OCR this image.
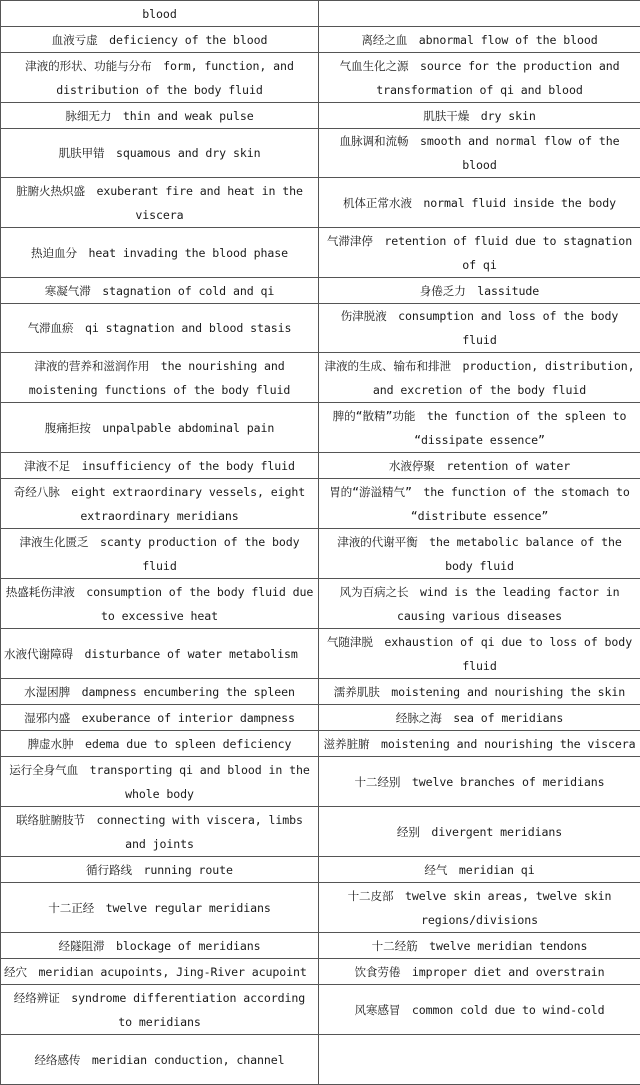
blood	
血液亏虚　deficiency of the blood	离经之血　abnormal flow of the blood
津液的形状、功能与分布　form, function, and distribution of the body fluid	气血生化之源　source for the production and transformation of qi and blood
脉细无力　thin and weak pulse	肌肤干燥　dry skin
肌肤甲错　squamous and dry skin	血脉调和流畅　smooth and normal flow of the blood
脏腑火热炽盛　exuberant fire and heat in the viscera	机体正常水液　normal fluid inside the body
热迫血分　heat invading the blood phase	气滞津停　retention of fluid due to stagnation of qi
寒凝气滞　stagnation of cold and qi	身倦乏力　lassitude
气滞血瘀　qi stagnation and blood stasis	伤津脱液　consumption and loss of the body fluid
津液的营养和滋润作用　the nourishing and moistening functions of the body fluid	津液的生成、输布和排泄　production, distribution, and excretion of the body fluid
腹痛拒按　unpalpable abdominal pain	脾的“散精”功能　the function of the spleen to “dissipate essence”
津液不足　insufficiency of the body fluid	水液停聚　retention of water
奇经八脉　eight extraordinary vessels, eight extraordinary meridians	胃的“游溢精气”　the function of the stomach to “distribute essence”
津液生化匮乏　scanty production of the body fluid	津液的代谢平衡　the metabolic balance of the body fluid
热盛耗伤津液　consumption of the body fluid due to excessive heat	风为百病之长　wind is the leading factor in causing various diseases
水液代谢障碍　disturbance of water metabolism	气随津脱　exhaustion of qi due to loss of body fluid
水湿困脾　dampness encumbering the spleen	濡养肌肤　moistening and nourishing the skin
湿邪内盛　exuberance of interior dampness	经脉之海　sea of meridians
脾虚水肿　edema due to spleen deficiency	滋养脏腑　moistening and nourishing the viscera
运行全身气血　transporting qi and blood in the whole body	十二经别　twelve branches of meridians
联络脏腑肢节　connecting with viscera, limbs and joints	经别　divergent meridians
循行路线　running route	经气　meridian qi
十二正经　twelve regular meridians	十二皮部　twelve skin areas, twelve skin regions/divisions
经隧阻滞　blockage of meridians	十二经筋　twelve meridian tendons
经穴　meridian acupoints, Jing-River acupoint	饮食劳倦　improper diet and overstrain
经络辨证　syndrome differentiation according to meridians	风寒感冒　common cold due to wind-cold
经络感传　meridian conduction, channel	
